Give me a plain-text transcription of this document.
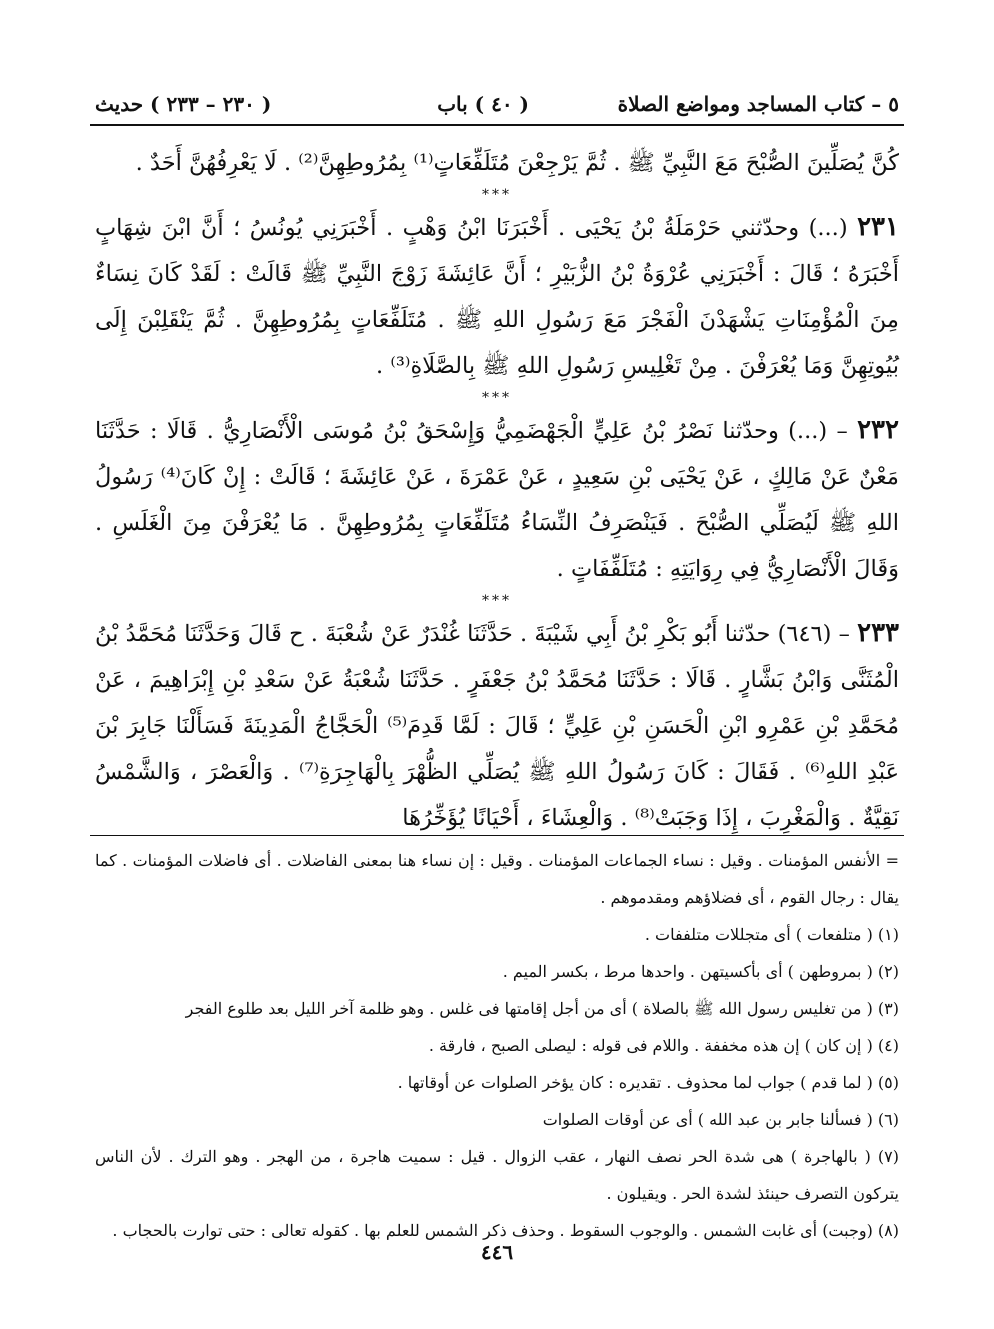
٥ – كتاب المساجد ومواضع الصلاة
( ٤٠ ) باب
( ٢٣٠ – ٢٣٣ ) حديث

كُنَّ يُصَلِّينَ الصُّبْحَ مَعَ النَّبِيِّ ﷺ . ثُمَّ يَرْجِعْنَ مُتَلَفِّعَاتٍ⁽¹⁾ بِمُرُوطِهِنَّ⁽²⁾ . لَا يَعْرِفُهُنَّ أَحَدٌ .

***

٢٣١ (...) وحدّثني حَرْمَلَةُ بْنُ يَحْيَى . أَخْبَرَنَا ابْنُ وَهْبٍ . أَخْبَرَنِي يُونُسُ ؛ أَنَّ ابْنَ شِهَابٍ أَخْبَرَهُ ؛ قَالَ : أَخْبَرَنِي عُرْوَةُ بْنُ الزُّبَيْرِ ؛ أَنَّ عَائِشَةَ زَوْجَ النَّبِيِّ ﷺ قَالَتْ : لَقَدْ كَانَ نِسَاءٌ مِنَ الْمُؤْمِنَاتِ يَشْهَدْنَ الْفَجْرَ مَعَ رَسُولِ اللهِ ﷺ . مُتَلَفِّعَاتٍ بِمُرُوطِهِنَّ . ثُمَّ يَنْقَلِبْنَ إِلَى بُيُوتِهِنَّ وَمَا يُعْرَفْنَ . مِنْ تَغْلِيسِ رَسُولِ اللهِ ﷺ بِالصَّلَاةِ⁽³⁾ .

***

٢٣٢ – (...) وحدّثنا نَصْرُ بْنُ عَلِيٍّ الْجَهْضَمِيُّ وَإِسْحَقُ بْنُ مُوسَى الْأَنْصَارِيُّ . قَالَا : حَدَّثَنَا مَعْنٌ عَنْ مَالِكٍ ، عَنْ يَحْيَى بْنِ سَعِيدٍ ، عَنْ عَمْرَةَ ، عَنْ عَائِشَةَ ؛ قَالَتْ : إِنْ كَانَ⁽⁴⁾ رَسُولُ اللهِ ﷺ لَيُصَلِّي الصُّبْحَ . فَيَنْصَرِفُ النِّسَاءُ مُتَلَفِّعَاتٍ بِمُرُوطِهِنَّ . مَا يُعْرَفْنَ مِنَ الْغَلَسِ . وَقَالَ الْأَنْصَارِيُّ فِي رِوَايَتِهِ : مُتَلَفِّفَاتٍ .

***

٢٣٣ – (٦٤٦) حدّثنا أَبُو بَكْرِ بْنُ أَبِي شَيْبَةَ . حَدَّثَنَا غُنْدَرٌ عَنْ شُعْبَةَ . ح قَالَ وَحَدَّثَنَا مُحَمَّدُ بْنُ الْمُثَنَّى وَابْنُ بَشَّارٍ . قَالَا : حَدَّثَنَا مُحَمَّدُ بْنُ جَعْفَرٍ . حَدَّثَنَا شُعْبَةُ عَنْ سَعْدِ بْنِ إِبْرَاهِيمَ ، عَنْ مُحَمَّدِ بْنِ عَمْرِو ابْنِ الْحَسَنِ بْنِ عَلِيٍّ ؛ قَالَ : لَمَّا قَدِمَ⁽⁵⁾ الْحَجَّاجُ الْمَدِينَةَ فَسَأَلْنَا جَابِرَ بْنَ عَبْدِ اللهِ⁽⁶⁾ . فَقَالَ : كَانَ رَسُولُ اللهِ ﷺ يُصَلِّي الظُّهْرَ بِالْهَاجِرَةِ⁽⁷⁾ . وَالْعَصْرَ ، وَالشَّمْسُ نَقِيَّةٌ . وَالْمَغْرِبَ ، إِذَا وَجَبَتْ⁽⁸⁾ . وَالْعِشَاءَ ، أَحْيَانًا يُؤَخِّرُهَا

= الأنفس المؤمنات . وقيل : نساء الجماعات المؤمنات . وقيل : إن نساء هنا بمعنى الفاضلات . أى فاضلات المؤمنات . كما يقال : رجال القوم ، أى فضلاؤهم ومقدموهم .

(١) ( متلفعات ) أى متجللات متلففات .

(٢) ( بمروطهن ) أى بأكسيتهن . واحدها مرط ، بكسر الميم .

(٣) ( من تغليس رسول الله ﷺ بالصلاة ) أى من أجل إقامتها فى غلس . وهو ظلمة آخر الليل بعد طلوع الفجر

(٤) ( إن كان ) إن هذه مخففة . واللام فى قوله : ليصلى الصبح ، فارقة .

(٥) ( لما قدم ) جواب لما محذوف . تقديره : كان يؤخر الصلوات عن أوقاتها .

(٦) ( فسألنا جابر بن عبد الله ) أى عن أوقات الصلوات

(٧) ( بالهاجرة ) هى شدة الحر نصف النهار ، عقب الزوال . قيل : سميت هاجرة ، من الهجر . وهو الترك . لأن الناس يتركون التصرف حينئذ لشدة الحر . ويقيلون .

(٨) (وجبت) أى غابت الشمس . والوجوب السقوط . وحذف ذكر الشمس للعلم بها . كقوله تعالى : حتى توارت بالحجاب .

٤٤٦
